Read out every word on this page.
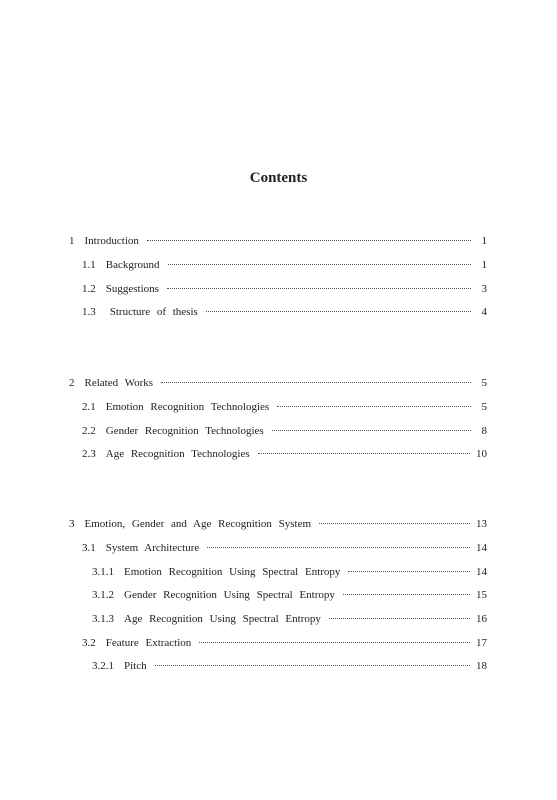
Contents
1 Introduction	1
1.1 Background	1
1.2 Suggestions	3
1.3 Structure of thesis	4
2 Related Works	5
2.1 Emotion Recognition Technologies	5
2.2 Gender Recognition Technologies	8
2.3 Age Recognition Technologies	10
3 Emotion, Gender and Age Recognition System	13
3.1 System Architecture	14
3.1.1 Emotion Recognition Using Spectral Entropy	14
3.1.2 Gender Recognition Using Spectral Entropy	15
3.1.3 Age Recognition Using Spectral Entropy	16
3.2 Feature Extraction	17
3.2.1 Pitch	18
